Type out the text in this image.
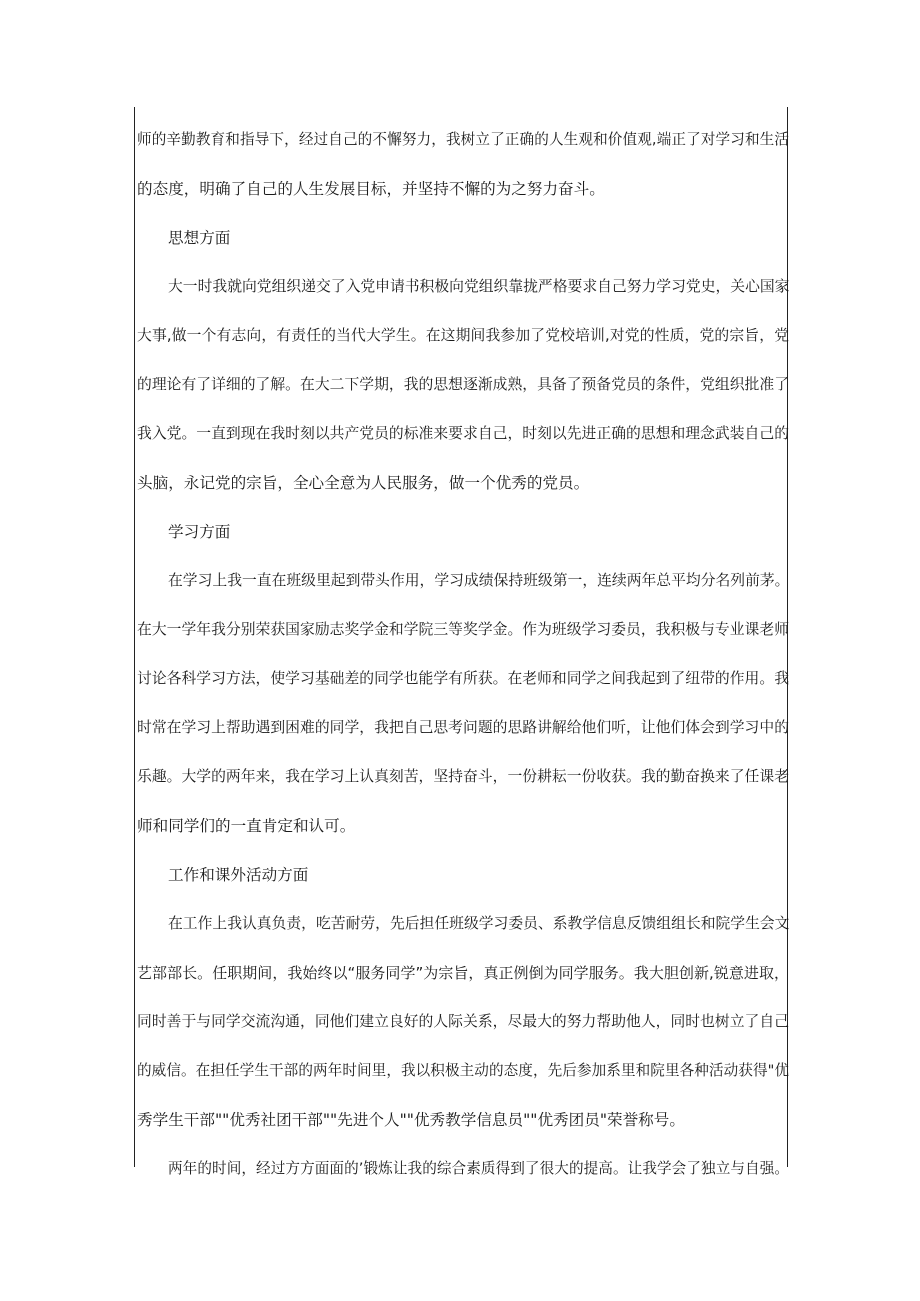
师的辛勤教育和指导下，经过自己的不懈努力，我树立了正确的人生观和价值观,端正了对学习和生活
的态度，明确了自己的人生发展目标，并坚持不懈的为之努力奋斗。
思想方面
大一时我就向党组织递交了入党申请书积极向党组织靠拢严格要求自己努力学习党史，关心国家
大事,做一个有志向，有责任的当代大学生。在这期间我参加了党校培训,对党的性质，党的宗旨，党
的理论有了详细的了解。在大二下学期，我的思想逐渐成熟，具备了预备党员的条件，党组织批准了
我入党。一直到现在我时刻以共产党员的标准来要求自己，时刻以先进正确的思想和理念武装自己的
头脑，永记党的宗旨，全心全意为人民服务，做一个优秀的党员。
学习方面
在学习上我一直在班级里起到带头作用，学习成绩保持班级第一，连续两年总平均分名列前茅。
在大一学年我分别荣获国家励志奖学金和学院三等奖学金。作为班级学习委员，我积极与专业课老师
讨论各科学习方法，使学习基础差的同学也能学有所获。在老师和同学之间我起到了纽带的作用。我
时常在学习上帮助遇到困难的同学，我把自己思考问题的思路讲解给他们听，让他们体会到学习中的
乐趣。大学的两年来，我在学习上认真刻苦，坚持奋斗，一份耕耘一份收获。我的勤奋换来了任课老
师和同学们的一直肯定和认可。
工作和课外活动方面
在工作上我认真负责，吃苦耐劳，先后担任班级学习委员、系教学信息反馈组组长和院学生会文
艺部部长。任职期间，我始终以“服务同学”为宗旨，真正例倒为同学服务。我大胆创新,锐意进取，
同时善于与同学交流沟通，同他们建立良好的人际关系，尽最大的努力帮助他人，同时也树立了自己
的威信。在担任学生干部的两年时间里，我以积极主动的态度，先后参加系里和院里各种活动获得"优
秀学生干部""优秀社团干部""先进个人""优秀教学信息员""优秀团员"荣誉称号。
两年的时间，经过方方面面的’锻炼让我的综合素质得到了很大的提高。让我学会了独立与自强。
